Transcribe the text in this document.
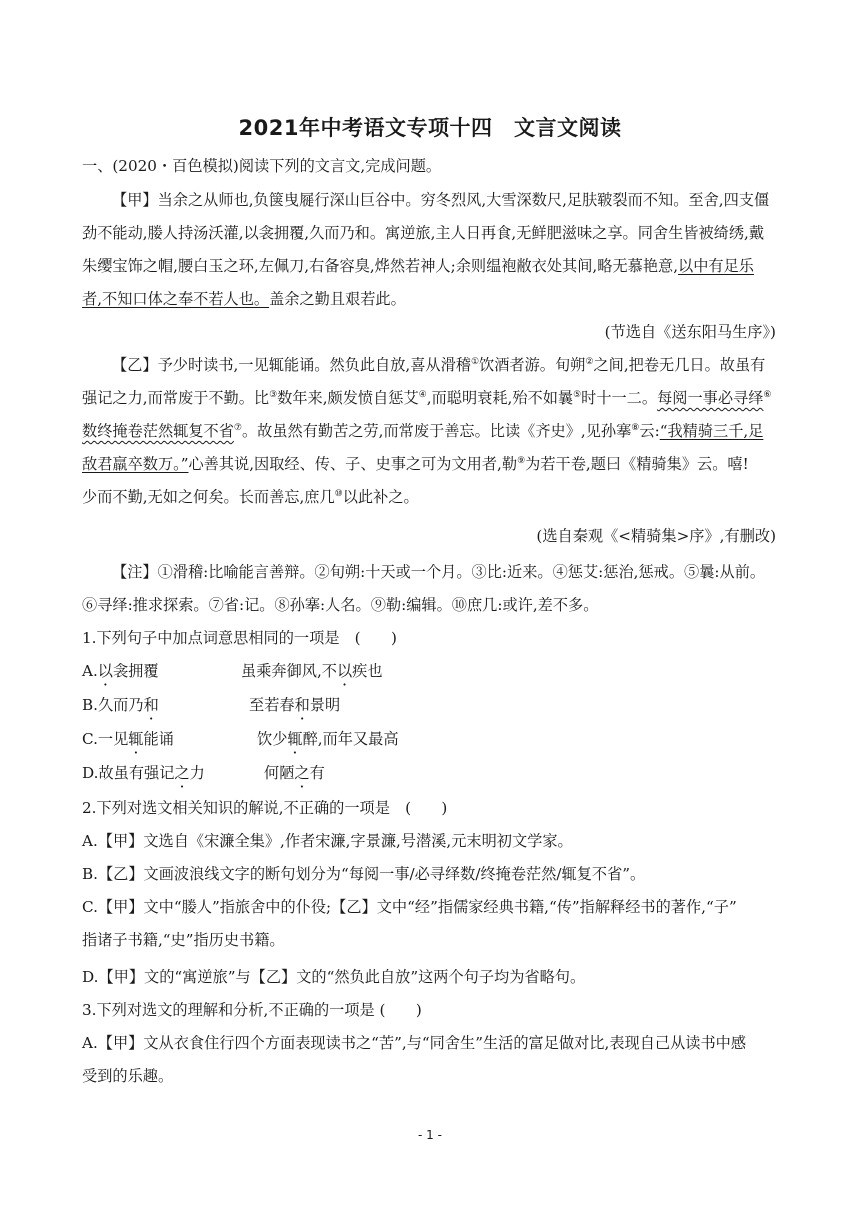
2021年中考语文专项十四　文言文阅读
一、(2020・百色模拟)阅读下列的文言文,完成问题。
【甲】当余之从师也,负箧曳屣行深山巨谷中。穷冬烈风,大雪深数尺,足肤皲裂而不知。至舍,四支僵
劲不能动,媵人持汤沃灌,以衾拥覆,久而乃和。寓逆旅,主人日再食,无鲜肥滋味之享。同舍生皆被绮绣,戴
朱缨宝饰之帽,腰白玉之环,左佩刀,右备容臭,烨然若神人;余则缊袍敝衣处其间,略无慕艳意,以中有足乐
者,不知口体之奉不若人也。盖余之勤且艰若此。
(节选自《送东阳马生序》)
【乙】予少时读书,一见辄能诵。然负此自放,喜从滑稽①饮酒者游。旬朔②之间,把卷无几日。故虽有
强记之力,而常废于不勤。比③数年来,颇发愤自惩艾④,而聪明衰耗,殆不如曩⑤时十一二。每阅一事必寻绎⑥
数终掩卷茫然辄复不省⑦。故虽然有勤苦之劳,而常废于善忘。比读《齐史》,见孙搴⑧云:“我精骑三千,足
敌君羸卒数万。”心善其说,因取经、传、子、史事之可为文用者,勒⑨为若干卷,题曰《精骑集》云。嘻!
少而不勤,无如之何矣。长而善忘,庶几⑩以此补之。
(选自秦观《<精骑集>序》,有删改)
【注】①滑稽:比喻能言善辩。②旬朔:十天或一个月。③比:近来。④惩艾:惩治,惩戒。⑤曩:从前。
⑥寻绎:推求探索。⑦省:记。⑧孙搴:人名。⑨勒:编辑。⑩庶几:或许,差不多。
1.下列句子中加点词意思相同的一项是　(　　)
A.以衾拥覆	虽乘奔御风,不以疾也
B.久而乃和	至若春和景明
C.一见辄能诵	饮少辄醉,而年又最高
D.故虽有强记之力	何陋之有
2.下列对选文相关知识的解说,不正确的一项是　(　　)
A.【甲】文选自《宋濂全集》,作者宋濂,字景濂,号潜溪,元末明初文学家。
B.【乙】文画波浪线文字的断句划分为“每阅一事/必寻绎数/终掩卷茫然/辄复不省”。
C.【甲】文中“媵人”指旅舍中的仆役;【乙】文中“经”指儒家经典书籍,“传”指解释经书的著作,“子”
指诸子书籍,“史”指历史书籍。
D.【甲】文的“寓逆旅”与【乙】文的“然负此自放”这两个句子均为省略句。
3.下列对选文的理解和分析,不正确的一项是 (　　)
A.【甲】文从衣食住行四个方面表现读书之“苦”,与“同舍生”生活的富足做对比,表现自己从读书中感
受到的乐趣。
- 1 -
